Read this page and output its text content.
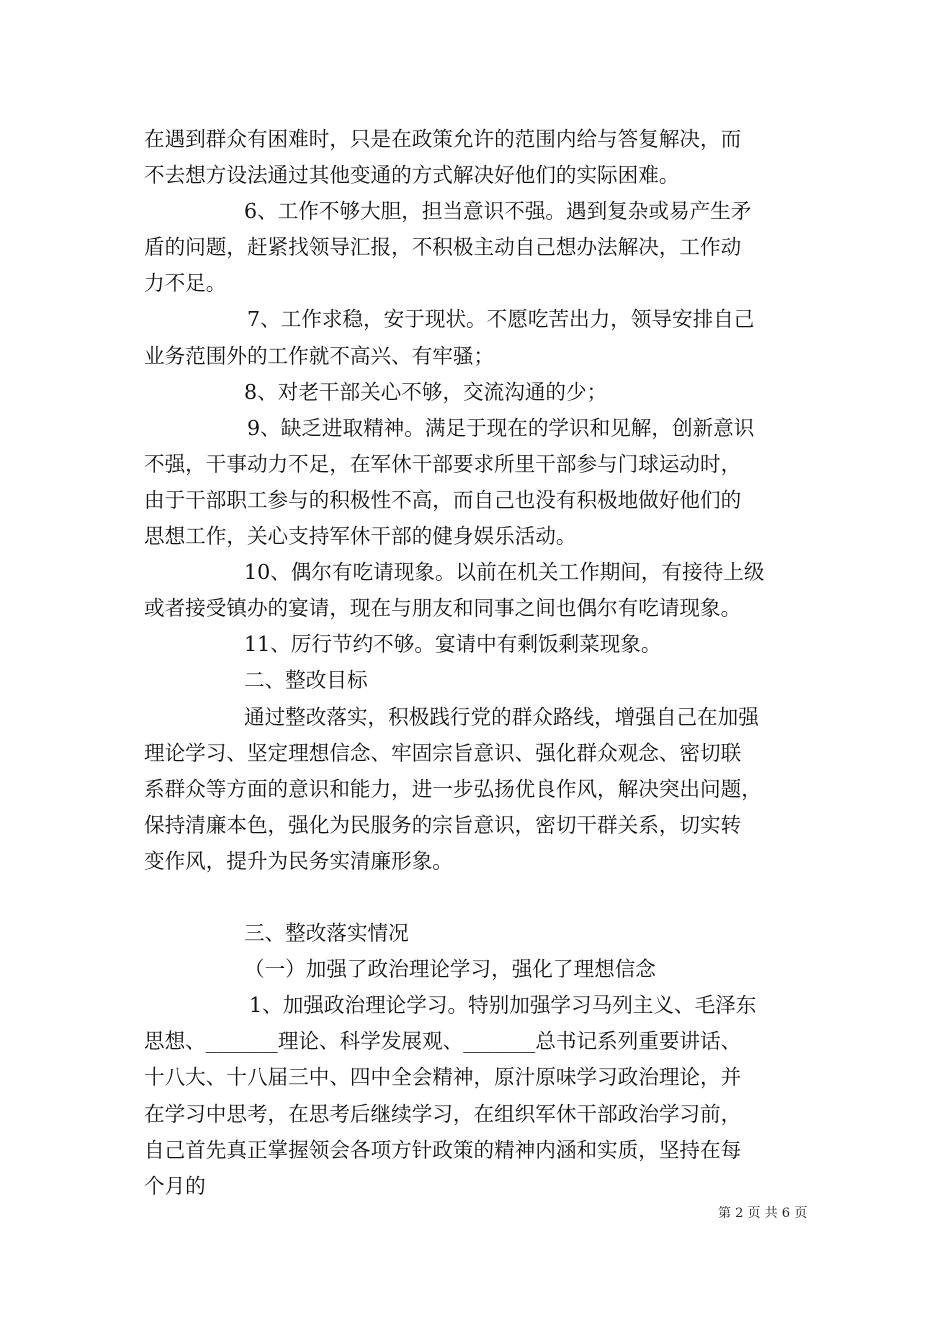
在遇到群众有困难时，只是在政策允许的范围内给与答复解决，而
不去想方设法通过其他变通的方式解决好他们的实际困难。
6、工作不够大胆，担当意识不强。遇到复杂或易产生矛
盾的问题，赶紧找领导汇报，不积极主动自己想办法解决，工作动
力不足。
7、工作求稳，安于现状。不愿吃苦出力，领导安排自己
业务范围外的工作就不高兴、有牢骚；
8、对老干部关心不够，交流沟通的少；
9、缺乏进取精神。满足于现在的学识和见解，创新意识
不强，干事动力不足，在军休干部要求所里干部参与门球运动时，
由于干部职工参与的积极性不高，而自己也没有积极地做好他们的
思想工作，关心支持军休干部的健身娱乐活动。
10、偶尔有吃请现象。以前在机关工作期间，有接待上级
或者接受镇办的宴请，现在与朋友和同事之间也偶尔有吃请现象。
11、厉行节约不够。宴请中有剩饭剩菜现象。
二、整改目标
通过整改落实，积极践行党的群众路线，增强自己在加强
理论学习、坚定理想信念、牢固宗旨意识、强化群众观念、密切联
系群众等方面的意识和能力，进一步弘扬优良作风，解决突出问题，
保持清廉本色，强化为民服务的宗旨意识，密切干群关系，切实转
变作风，提升为民务实清廉形象。
三、整改落实情况
（一）加强了政治理论学习，强化了理想信念
1、加强政治理论学习。特别加强学习马列主义、毛泽东
思想、_______理论、科学发展观、_______总书记系列重要讲话、
十八大、十八届三中、四中全会精神，原汁原味学习政治理论，并
在学习中思考，在思考后继续学习，在组织军休干部政治学习前，
自己首先真正掌握领会各项方针政策的精神内涵和实质，坚持在每
个月的
第 2 页 共 6 页
